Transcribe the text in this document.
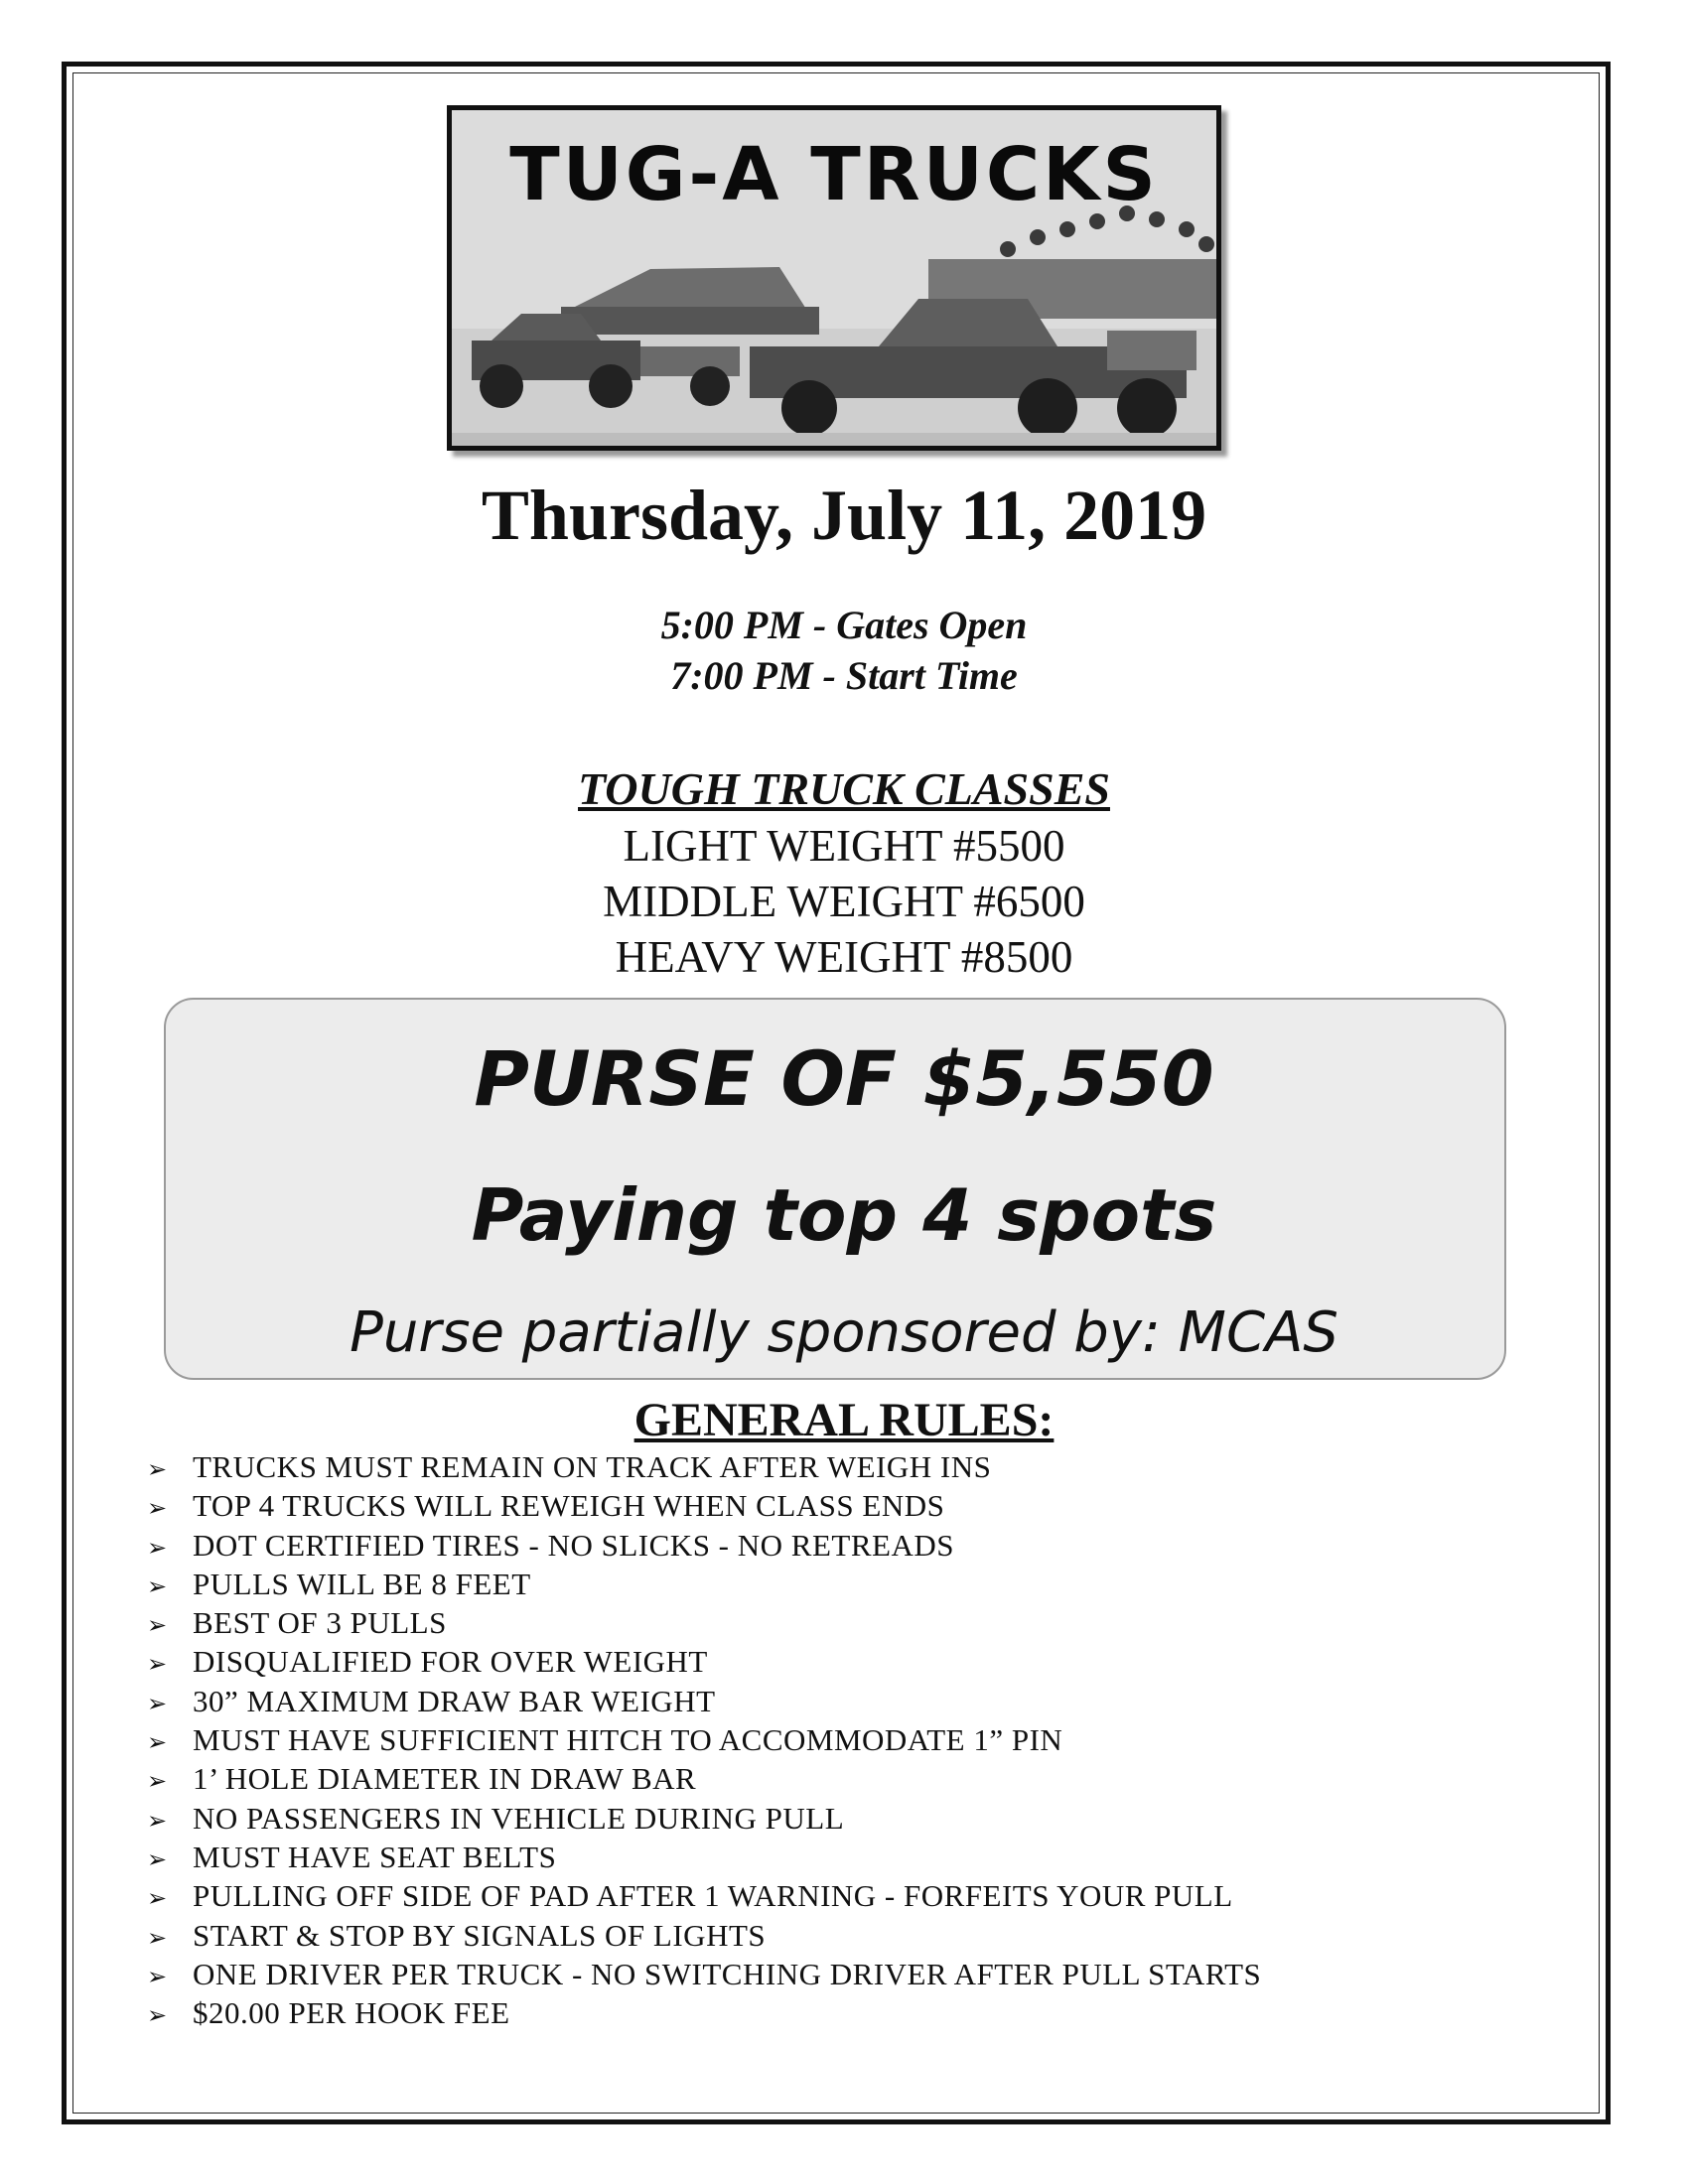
TUG-A TRUCKS
Thursday, July 11, 2019
5:00 PM - Gates Open
7:00 PM - Start Time
TOUGH TRUCK CLASSES
LIGHT WEIGHT #5500
MIDDLE WEIGHT #6500
HEAVY WEIGHT #8500
PURSE OF $5,550
Paying top 4 spots
Purse partially sponsored by: MCAS
GENERAL RULES:
➢ TRUCKS MUST REMAIN ON TRACK AFTER WEIGH INS
➢ TOP 4 TRUCKS WILL REWEIGH WHEN CLASS ENDS
➢ DOT CERTIFIED TIRES - NO SLICKS - NO RETREADS
➢ PULLS WILL BE 8 FEET
➢ BEST OF 3 PULLS
➢ DISQUALIFIED FOR OVER WEIGHT
➢ 30” MAXIMUM DRAW BAR WEIGHT
➢ MUST HAVE SUFFICIENT HITCH TO ACCOMMODATE 1” PIN
➢ 1’ HOLE DIAMETER IN DRAW BAR
➢ NO PASSENGERS IN VEHICLE DURING PULL
➢ MUST HAVE SEAT BELTS
➢ PULLING OFF SIDE OF PAD AFTER 1 WARNING - FORFEITS YOUR PULL
➢ START & STOP BY SIGNALS OF LIGHTS
➢ ONE DRIVER PER TRUCK - NO SWITCHING DRIVER AFTER PULL STARTS
➢ $20.00 PER HOOK FEE
